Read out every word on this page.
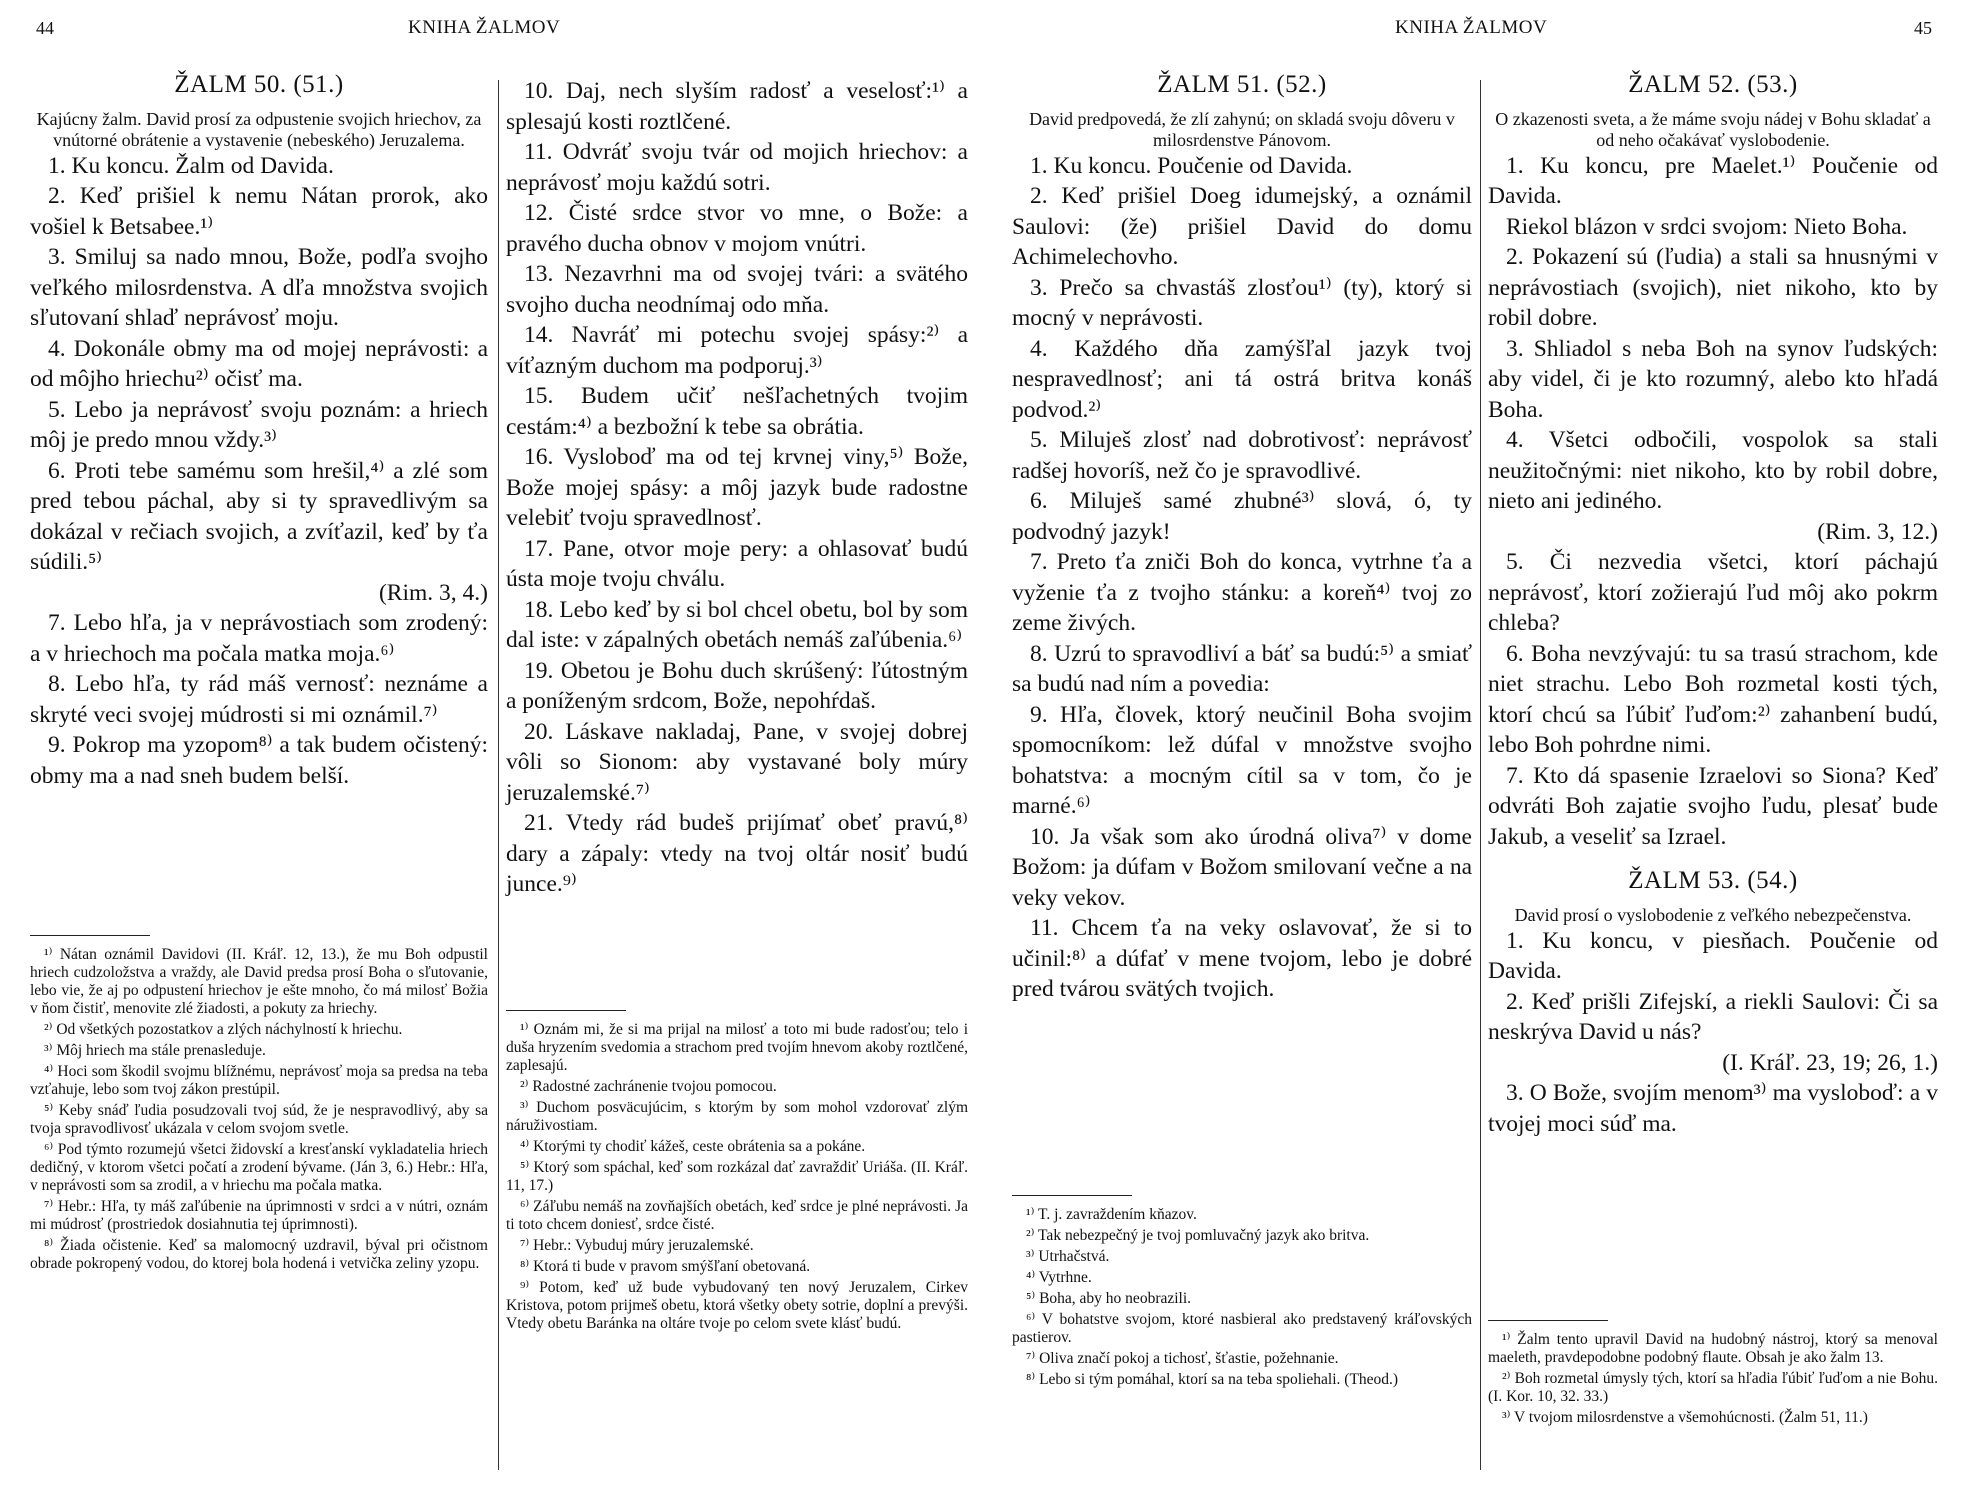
44	KNIHA ŽALMOV	KNIHA ŽALMOV	45
ŽALM 50. (51.)

Kajúcny žalm. David prosí za odpustenie svojich hriechov, za vnútorné obrátenie a vystavenie (nebeského) Jeruzalema.

1. Ku koncu. Žalm od Davida.

2. Keď prišiel k nemu Nátan prorok, ako vošiel k Betsabee.¹⁾

3. Smiluj sa nado mnou, Bože, podľa svojho veľkého milosrdenstva. A dľa množstva svojich sľutovaní shlaď neprávosť moju.

4. Dokonále obmy ma od mojej neprávosti: a od môjho hriechu²⁾ očisť ma.

5. Lebo ja neprávosť svoju poznám: a hriech môj je predo mnou vždy.³⁾

6. Proti tebe samému som hrešil,⁴⁾ a zlé som pred tebou páchal, aby si ty spravedlivým sa dokázal v rečiach svojich, a zvíťazil, keď by ťa súdili.⁵⁾

(Rim. 3, 4.)

7. Lebo hľa, ja v neprávostiach som zrodený: a v hriechoch ma počala matka moja.⁶⁾

8. Lebo hľa, ty rád máš vernosť: neznáme a skryté veci svojej múdrosti si mi oznámil.⁷⁾

9. Pokrop ma yzopom⁸⁾ a tak budem očistený: obmy ma a nad sneh budem belší.

¹⁾ Nátan oznámil Davidovi (II. Kráľ. 12, 13.), že mu Boh odpustil hriech cudzoložstva a vraždy, ale David predsa prosí Boha o sľutovanie, lebo vie, že aj po odpustení hriechov je ešte mnoho, čo má milosť Božia v ňom čistiť, menovite zlé žiadosti, a pokuty za hriechy.

²⁾ Od všetkých pozostatkov a zlých náchylností k hriechu.

³⁾ Môj hriech ma stále prenasleduje.

⁴⁾ Hoci som škodil svojmu blížnému, neprávosť moja sa predsa na teba vzťahuje, lebo som tvoj zákon prestúpil.

⁵⁾ Keby snáď ľudia posudzovali tvoj súd, že je nespravodlivý, aby sa tvoja spravodlivosť ukázala v celom svojom svetle.

⁶⁾ Pod týmto rozumejú všetci židovskí a kresťanskí vykladatelia hriech dedičný, v ktorom všetci počatí a zrodení bývame. (Ján 3, 6.) Hebr.: Hľa, v neprávosti som sa zrodil, a v hriechu ma počala matka.

⁷⁾ Hebr.: Hľa, ty máš zaľúbenie na úprimnosti v srdci a v nútri, oznám mi múdrosť (prostriedok dosiahnutia tej úprimnosti).

⁸⁾ Žiada očistenie. Keď sa malomocný uzdravil, býval pri očistnom obrade pokropený vodou, do ktorej bola hodená i vetvička zeliny yzopu.

10. Daj, nech slyším radosť a veselosť:¹⁾ a splesajú kosti roztlčené.

11. Odvráť svoju tvár od mojich hriechov: a neprávosť moju každú sotri.

12. Čisté srdce stvor vo mne, o Bože: a pravého ducha obnov v mojom vnútri.

13. Nezavrhni ma od svojej tvári: a svätého svojho ducha neodnímaj odo mňa.

14. Navráť mi potechu svojej spásy:²⁾ a víťazným duchom ma podporuj.³⁾

15. Budem učiť nešľachetných tvojim cestám:⁴⁾ a bezbožní k tebe sa obrátia.

16. Vysloboď ma od tej krvnej viny,⁵⁾ Bože, Bože mojej spásy: a môj jazyk bude radostne velebiť tvoju spravedlnosť.

17. Pane, otvor moje pery: a ohlasovať budú ústa moje tvoju chválu.

18. Lebo keď by si bol chcel obetu, bol by som dal iste: v zápalných obetách nemáš zaľúbenia.⁶⁾

19. Obetou je Bohu duch skrúšený: ľútostným a poníženým srdcom, Bože, nepohŕdaš.

20. Láskave nakladaj, Pane, v svojej dobrej vôli so Sionom: aby vystavané boly múry jeruzalemské.⁷⁾

21. Vtedy rád budeš prijímať obeť pravú,⁸⁾ dary a zápaly: vtedy na tvoj oltár nosiť budú junce.⁹⁾

¹⁾ Oznám mi, že si ma prijal na milosť a toto mi bude radosťou; telo i duša hryzením svedomia a strachom pred tvojím hnevom akoby roztlčené, zaplesajú.

²⁾ Radostné zachránenie tvojou pomocou.

³⁾ Duchom posväcujúcim, s ktorým by som mohol vzdorovať zlým náruživostiam.

⁴⁾ Ktorými ty chodiť kážeš, ceste obrátenia sa a pokáne.

⁵⁾ Ktorý som spáchal, keď som rozkázal dať zavraždiť Uriáša. (II. Kráľ. 11, 17.)

⁶⁾ Záľubu nemáš na zovňajších obetách, keď srdce je plné neprávosti. Ja ti toto chcem doniesť, srdce čisté.

⁷⁾ Hebr.: Vybuduj múry jeruzalemské.

⁸⁾ Ktorá ti bude v pravom smýšľaní obetovaná.

⁹⁾ Potom, keď už bude vybudovaný ten nový Jeruzalem, Cirkev Kristova, potom prijmeš obetu, ktorá všetky obety sotrie, doplní a prevýši. Vtedy obetu Baránka na oltáre tvoje po celom svete klásť budú.

ŽALM 51. (52.)

David predpovedá, že zlí zahynú; on skladá svoju dôveru v milosrdenstve Pánovom.

1. Ku koncu. Poučenie od Davida.

2. Keď prišiel Doeg idumejský, a oznámil Saulovi: (že) prišiel David do domu Achimelechovho.

3. Prečo sa chvastáš zlosťou¹⁾ (ty), ktorý si mocný v neprávosti.

4. Každého dňa zamýšľal jazyk tvoj nespravedlnosť; ani tá ostrá britva konáš podvod.²⁾

5. Miluješ zlosť nad dobrotivosť: neprávosť radšej hovoríš, než čo je spravodlivé.

6. Miluješ samé zhubné³⁾ slová, ó, ty podvodný jazyk!

7. Preto ťa zniči Boh do konca, vytrhne ťa a vyženie ťa z tvojho stánku: a koreň⁴⁾ tvoj zo zeme živých.

8. Uzrú to spravodliví a báť sa budú:⁵⁾ a smiať sa budú nad ním a povedia:

9. Hľa, človek, ktorý neučinil Boha svojim spomocníkom: lež dúfal v množstve svojho bohatstva: a mocným cítil sa v tom, čo je marné.⁶⁾

10. Ja však som ako úrodná oliva⁷⁾ v dome Božom: ja dúfam v Božom smilovaní večne a na veky vekov.

11. Chcem ťa na veky oslavovať, že si to učinil:⁸⁾ a dúfať v mene tvojom, lebo je dobré pred tvárou svätých tvojich.

¹⁾ T. j. zavraždením kňazov.

²⁾ Tak nebezpečný je tvoj pomluvačný jazyk ako britva.

³⁾ Utrhačstvá.

⁴⁾ Vytrhne.

⁵⁾ Boha, aby ho neobrazili.

⁶⁾ V bohatstve svojom, ktoré nasbieral ako predstavený kráľovských pastierov.

⁷⁾ Oliva značí pokoj a tichosť, šťastie, požehnanie.

⁸⁾ Lebo si tým pomáhal, ktorí sa na teba spoliehali. (Theod.)

ŽALM 52. (53.)

O zkazenosti sveta, a že máme svoju nádej v Bohu skladať a od neho očakávať vyslobodenie.

1. Ku koncu, pre Maelet.¹⁾ Poučenie od Davida.

Riekol blázon v srdci svojom: Nieto Boha.

2. Pokazení sú (ľudia) a stali sa hnusnými v neprávostiach (svojich), niet nikoho, kto by robil dobre.

3. Shliadol s neba Boh na synov ľudských: aby videl, či je kto rozumný, alebo kto hľadá Boha.

4. Všetci odbočili, vospolok sa stali neužitočnými: niet nikoho, kto by robil dobre, nieto ani jediného.

(Rim. 3, 12.)

5. Či nezvedia všetci, ktorí páchajú neprávosť, ktorí zožierajú ľud môj ako pokrm chleba?

6. Boha nevzývajú: tu sa trasú strachom, kde niet strachu. Lebo Boh rozmetal kosti tých, ktorí chcú sa ľúbiť ľuďom:²⁾ zahanbení budú, lebo Boh pohrdne nimi.

7. Kto dá spasenie Izraelovi so Siona? Keď odvráti Boh zajatie svojho ľudu, plesať bude Jakub, a veseliť sa Izrael.

ŽALM 53. (54.)

David prosí o vyslobodenie z veľkého nebezpečenstva.

1. Ku koncu, v piesňach. Poučenie od Davida.

2. Keď prišli Zifejskí, a riekli Saulovi: Či sa neskrýva David u nás?

(I. Kráľ. 23, 19; 26, 1.)

3. O Bože, svojím menom³⁾ ma vysloboď: a v tvojej moci súď ma.

¹⁾ Žalm tento upravil David na hudobný nástroj, ktorý sa menoval maeleth, pravdepodobne podobný flaute. Obsah je ako žalm 13.

²⁾ Boh rozmetal úmysly tých, ktorí sa hľadia ľúbiť ľuďom a nie Bohu. (I. Kor. 10, 32. 33.)

³⁾ V tvojom milosrdenstve a všemohúcnosti. (Žalm 51, 11.)
